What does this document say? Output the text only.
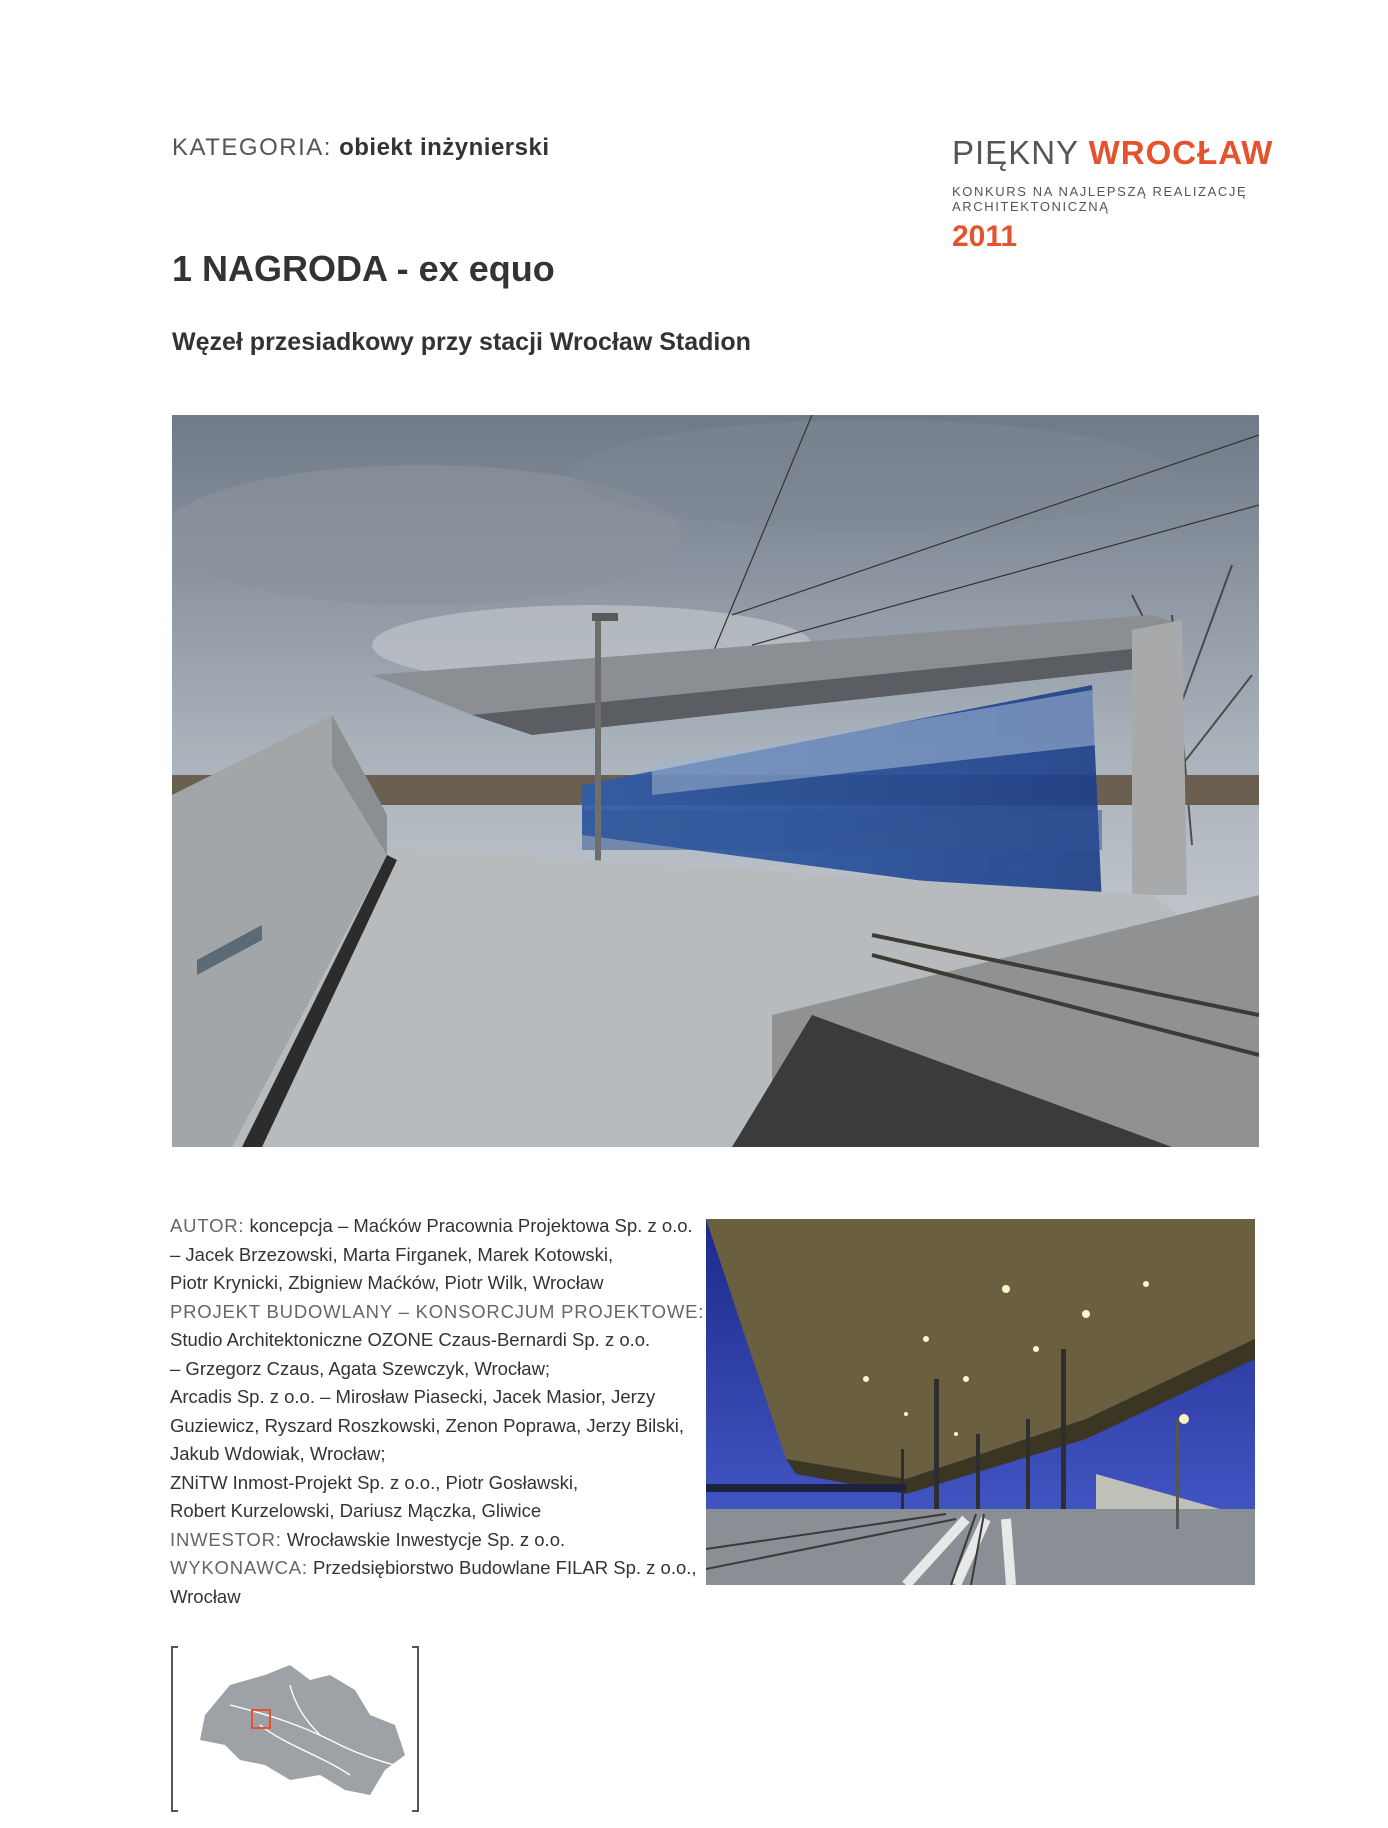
KATEGORIA: obiekt inżynierski
1 NAGRODA - ex equo
Węzeł przesiadkowy przy stacji Wrocław Stadion
PIĘKNY WROCŁAW
KONKURS NA NAJLEPSZĄ REALIZACJĘ ARCHITEKTONICZNĄ
2011
AUTOR: koncepcja – Maćków Pracownia Projektowa Sp. z o.o.
– Jacek Brzezowski, Marta Firganek, Marek Kotowski,
Piotr Krynicki, Zbigniew Maćków, Piotr Wilk, Wrocław
PROJEKT BUDOWLANY – KONSORCJUM PROJEKTOWE:
Studio Architektoniczne OZONE Czaus-Bernardi Sp. z o.o.
– Grzegorz Czaus, Agata Szewczyk, Wrocław;
Arcadis Sp. z o.o. – Mirosław Piasecki, Jacek Masior, Jerzy
Guziewicz, Ryszard Roszkowski, Zenon Poprawa, Jerzy Bilski,
Jakub Wdowiak, Wrocław;
ZNiTW Inmost-Projekt Sp. z o.o., Piotr Gosławski,
Robert Kurzelowski, Dariusz Mączka, Gliwice
INWESTOR: Wrocławskie Inwestycje Sp. z o.o.
WYKONAWCA: Przedsiębiorstwo Budowlane FILAR Sp. z o.o.,
Wrocław
